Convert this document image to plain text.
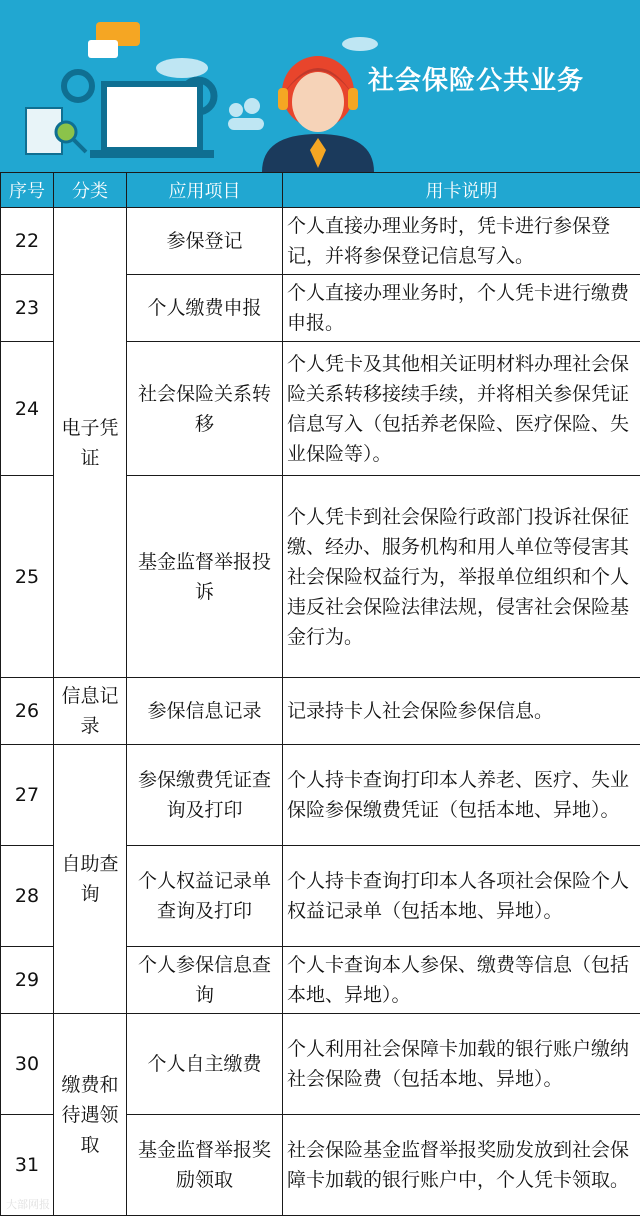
社会保险公共业务
序号	分类	应用项目	用卡说明
22	电子凭证	参保登记	个人直接办理业务时，凭卡进行参保登记，并将参保登记信息写入。
23		个人缴费申报	个人直接办理业务时，个人凭卡进行缴费申报。
24		社会保险关系转移	个人凭卡及其他相关证明材料办理社会保险关系转移接续手续，并将相关参保凭证信息写入（包括养老保险、医疗保险、失业保险等）。
25		基金监督举报投诉	个人凭卡到社会保险行政部门投诉社保征缴、经办、服务机构和用人单位等侵害其社会保险权益行为，举报单位组织和个人违反社会保险法律法规，侵害社会保险基金行为。
26	信息记录	参保信息记录	记录持卡人社会保险参保信息。
27	自助查询	参保缴费凭证查询及打印	个人持卡查询打印本人养老、医疗、失业保险参保缴费凭证（包括本地、异地）。
28		个人权益记录单查询及打印	个人持卡查询打印本人各项社会保险个人权益记录单（包括本地、异地）。
29		个人参保信息查询	个人卡查询本人参保、缴费等信息（包括本地、异地）。
30	缴费和待遇领取	个人自主缴费	个人利用社会保障卡加载的银行账户缴纳社会保险费（包括本地、异地）。
31		基金监督举报奖励领取	社会保险基金监督举报奖励发放到社会保障卡加载的银行账户中，个人凭卡领取。
大部网报
